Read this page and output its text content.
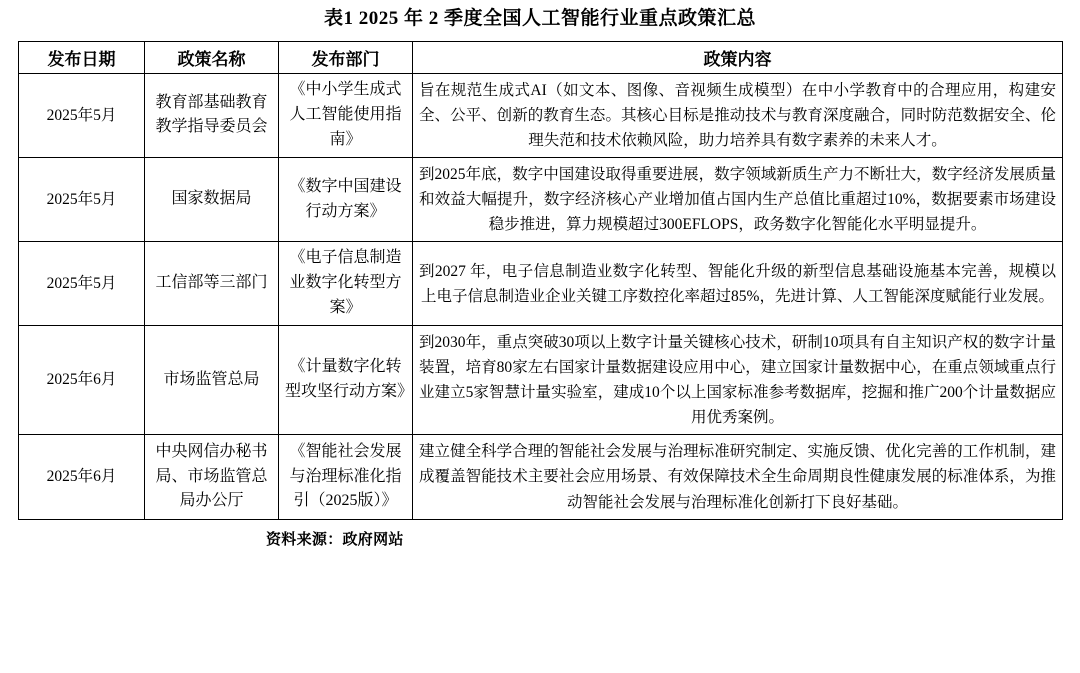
表1 2025 年 2 季度全国人工智能行业重点政策汇总
发布日期	政策名称	发布部门	政策内容
2025年5月	教育部基础教育教学指导委员会	《中小学生成式人工智能使用指南》	旨在规范生成式AI（如文本、图像、音视频生成模型）在中小学教育中的合理应用，构建安全、公平、创新的教育生态。其核心目标是推动技术与教育深度融合，同时防范数据安全、伦理失范和技术依赖风险，助力培养具有数字素养的未来人才。
2025年5月	国家数据局	《数字中国建设行动方案》	到2025年底，数字中国建设取得重要进展，数字领域新质生产力不断壮大，数字经济发展质量和效益大幅提升，数字经济核心产业增加值占国内生产总值比重超过10%，数据要素市场建设稳步推进，算力规模超过300EFLOPS，政务数字化智能化水平明显提升。
2025年5月	工信部等三部门	《电子信息制造业数字化转型方案》	到2027 年，电子信息制造业数字化转型、智能化升级的新型信息基础设施基本完善，规模以上电子信息制造业企业关键工序数控化率超过85%，先进计算、人工智能深度赋能行业发展。
2025年6月	市场监管总局	《计量数字化转型攻坚行动方案》	到2030年，重点突破30项以上数字计量关键核心技术，研制10项具有自主知识产权的数字计量装置，培育80家左右国家计量数据建设应用中心，建立国家计量数据中心，在重点领域重点行业建立5家智慧计量实验室，建成10个以上国家标准参考数据库，挖掘和推广200个计量数据应用优秀案例。
2025年6月	中央网信办秘书局、市场监管总局办公厅	《智能社会发展与治理标准化指引（2025版）》	建立健全科学合理的智能社会发展与治理标准研究制定、实施反馈、优化完善的工作机制，建成覆盖智能技术主要社会应用场景、有效保障技术全生命周期良性健康发展的标准体系，为推动智能社会发展与治理标准化创新打下良好基础。
资料来源：政府网站
